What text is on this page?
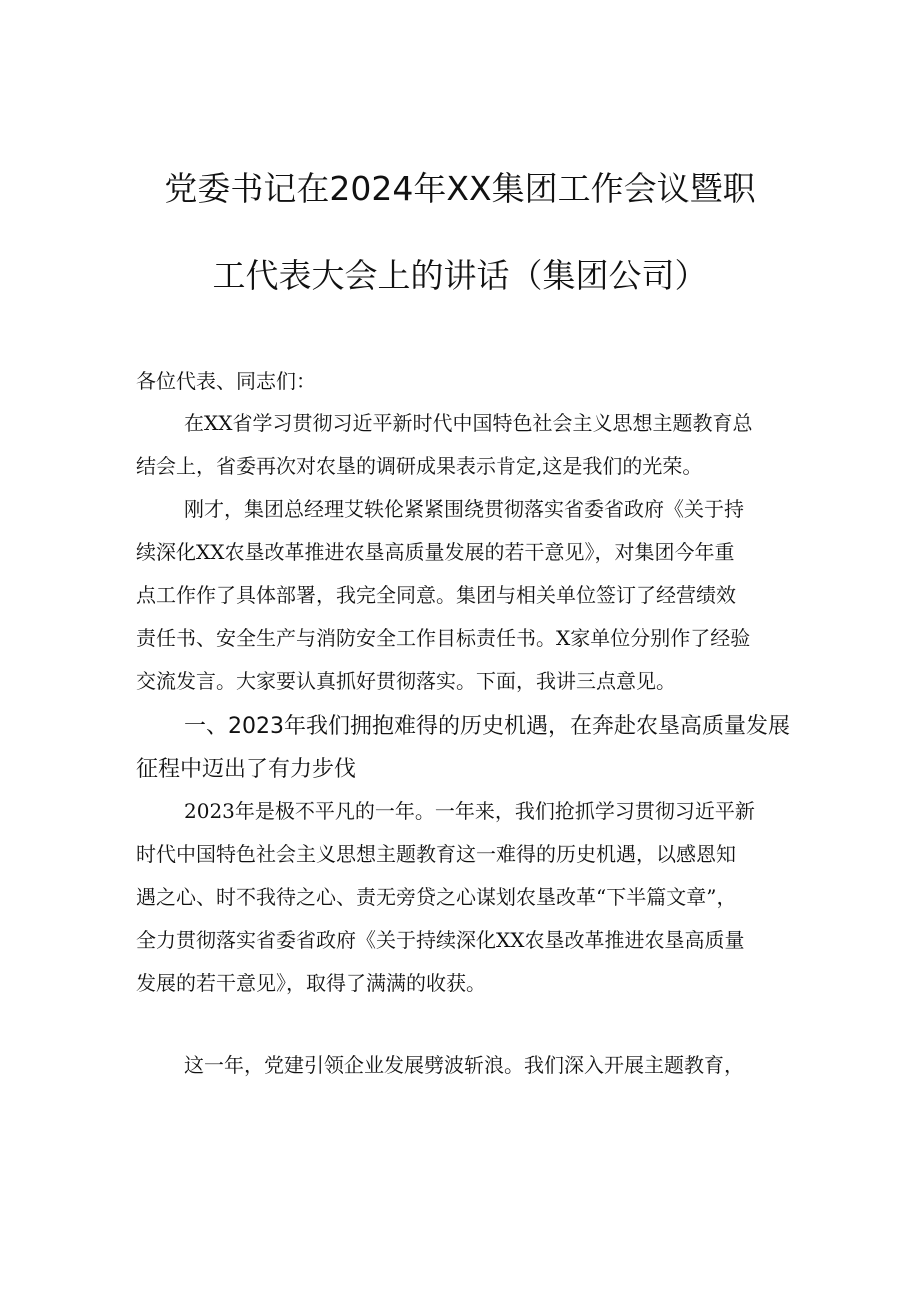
党委书记在2024年XX集团工作会议暨职
工代表大会上的讲话（集团公司）

各位代表、同志们：

在XX省学习贯彻习近平新时代中国特色社会主义思想主题教育总
结会上，省委再次对农垦的调研成果表示肯定,这是我们的光荣。
刚才，集团总经理艾轶伦紧紧围绕贯彻落实省委省政府《关于持
续深化XX农垦改革推进农垦高质量发展的若干意见》，对集团今年重
点工作作了具体部署，我完全同意。集团与相关单位签订了经营绩效
责任书、安全生产与消防安全工作目标责任书。X家单位分别作了经验
交流发言。大家要认真抓好贯彻落实。下面，我讲三点意见。
一、2023年我们拥抱难得的历史机遇，在奔赴农垦高质量发展
征程中迈出了有力步伐
2023年是极不平凡的一年。一年来，我们抢抓学习贯彻习近平新
时代中国特色社会主义思想主题教育这一难得的历史机遇，以感恩知
遇之心、时不我待之心、责无旁贷之心谋划农垦改革“下半篇文章”，
全力贯彻落实省委省政府《关于持续深化XX农垦改革推进农垦高质量
发展的若干意见》，取得了满满的收获。
这一年，党建引领企业发展劈波斩浪。我们深入开展主题教育，
